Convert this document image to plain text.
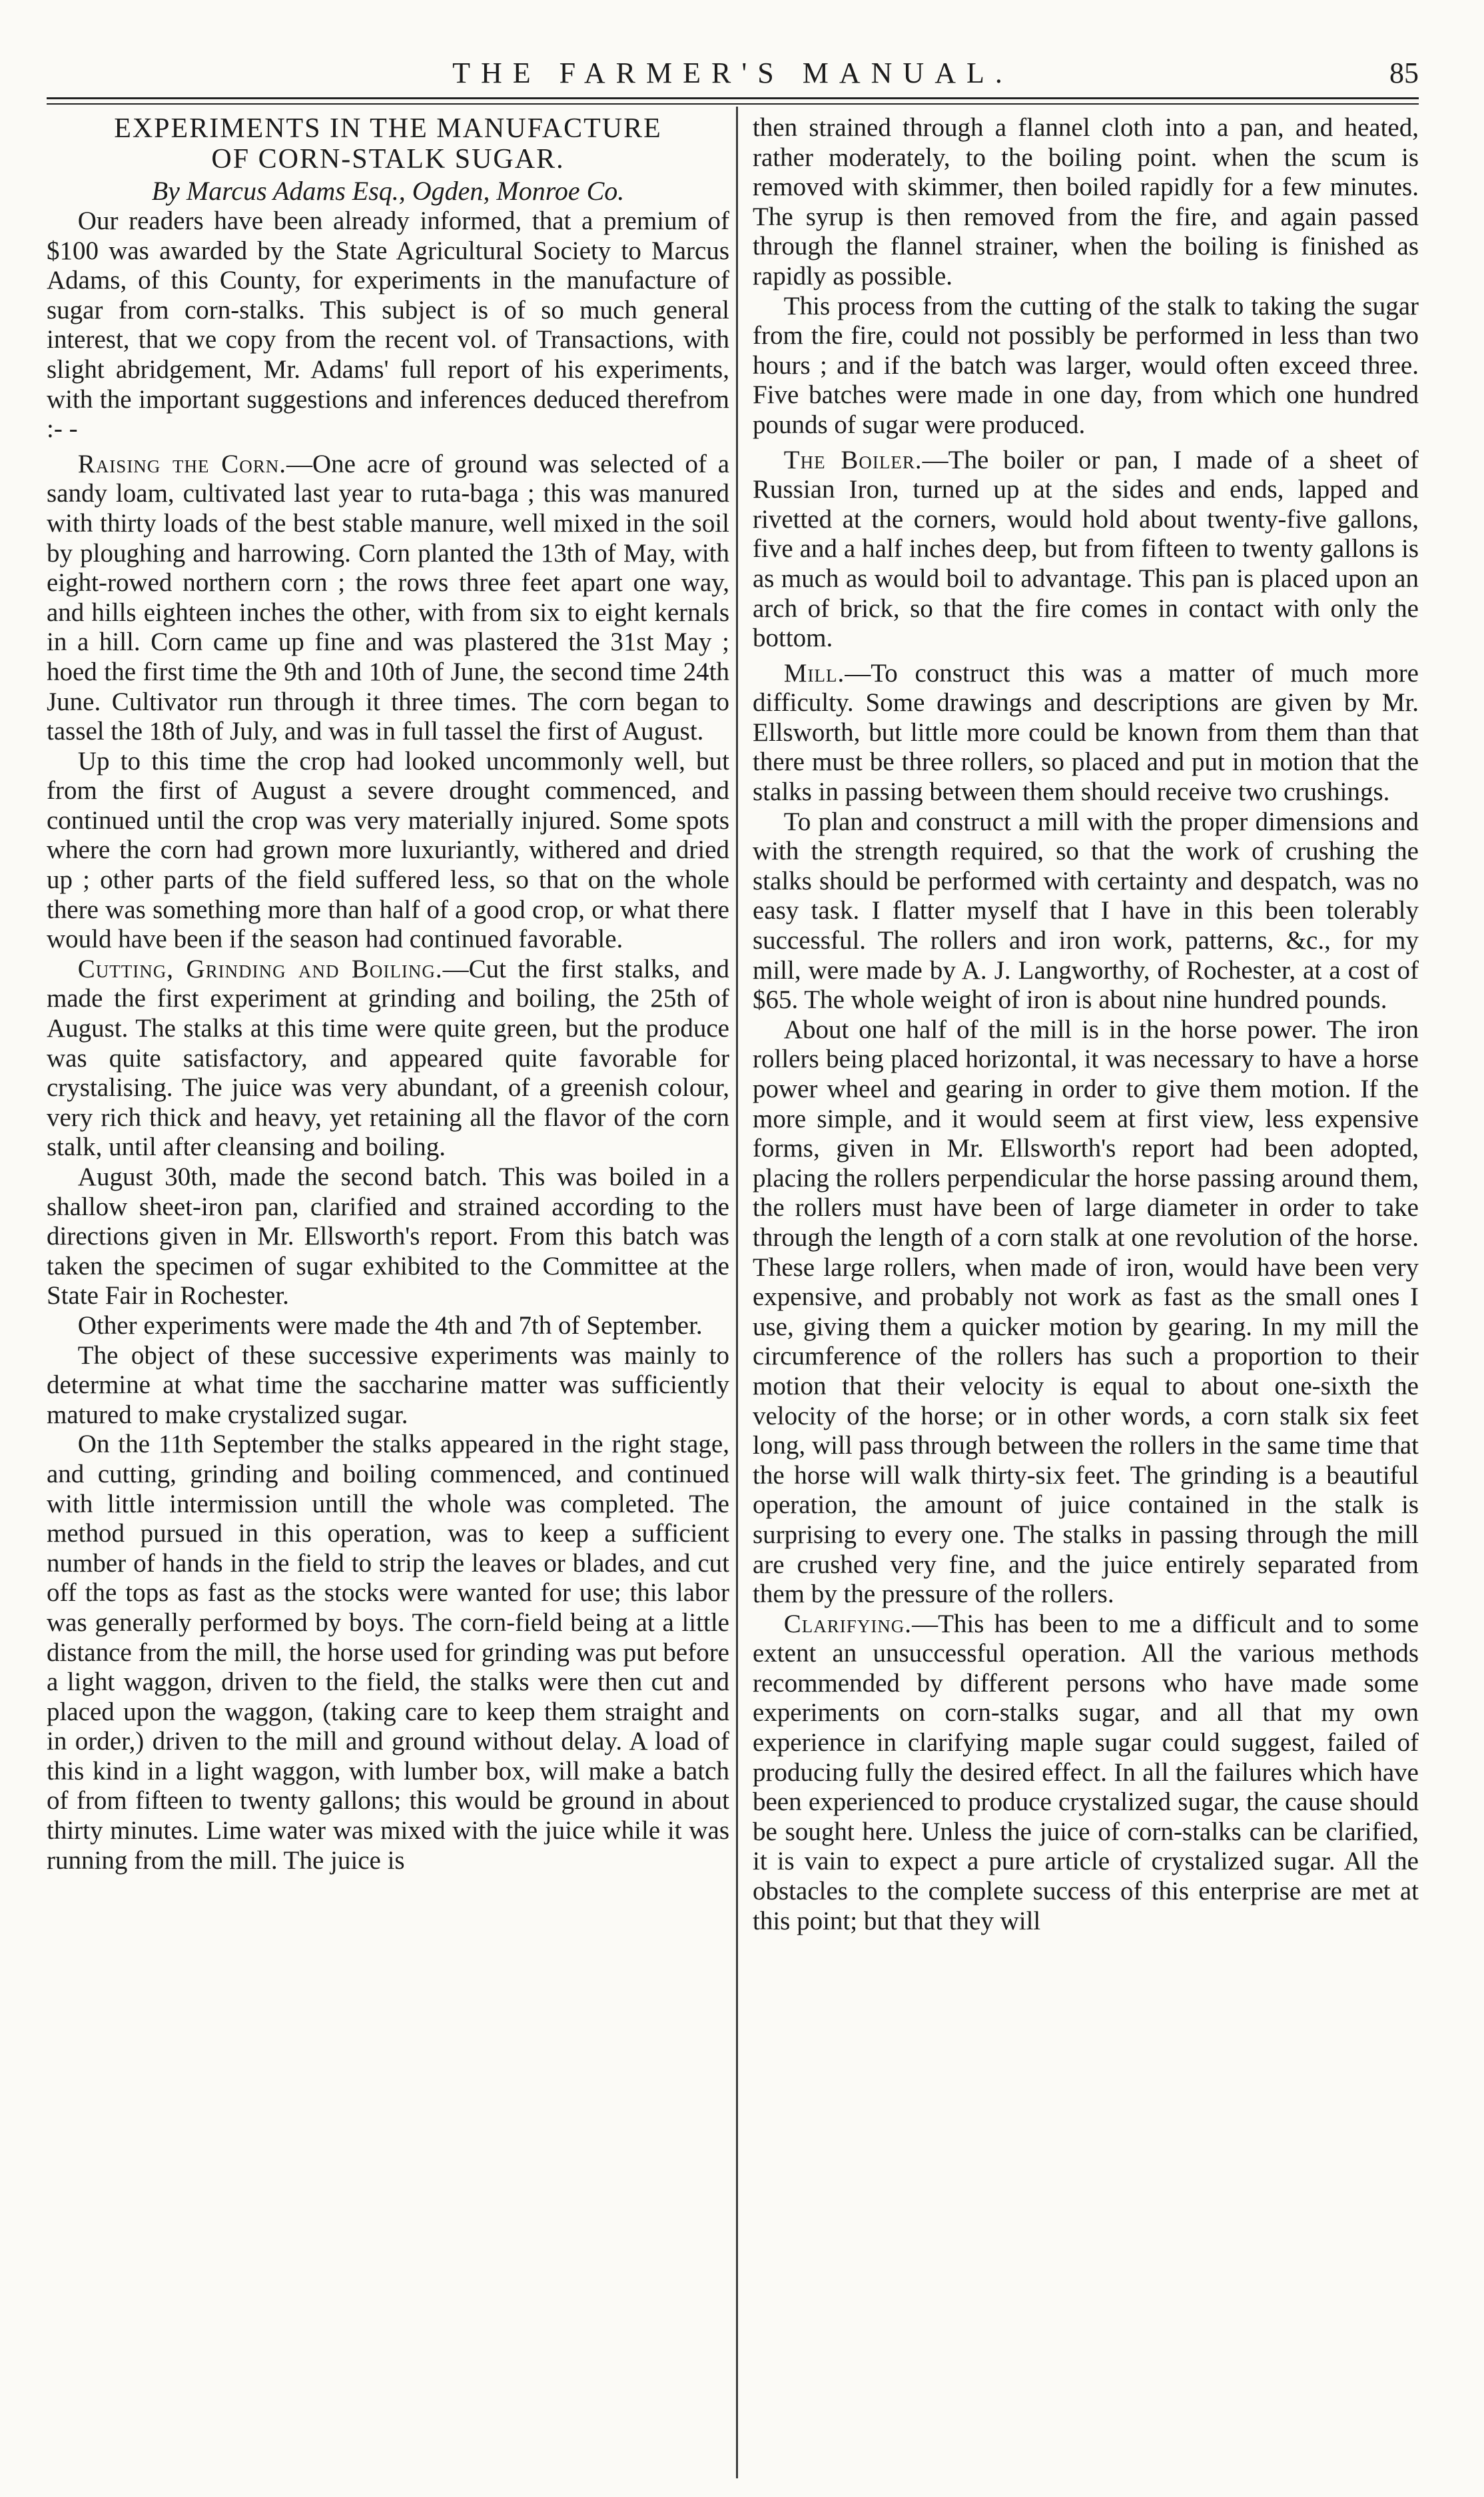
THE FARMER'S MANUAL.	85
EXPERIMENTS IN THE MANUFACTURE
OF CORN-STALK SUGAR.
By Marcus Adams Esq., Ogden, Monroe Co.

Our readers have been already informed, that a premium of $100 was awarded by the State Agricultural Society to Marcus Adams, of this County, for experiments in the manufacture of sugar from corn-stalks. This subject is of so much general interest, that we copy from the recent vol. of Transactions, with slight abridgement, Mr. Adams' full report of his experiments, with the important suggestions and inferences deduced therefrom :- -

Raising the Corn.—One acre of ground was selected of a sandy loam, cultivated last year to ruta-baga ; this was manured with thirty loads of the best stable manure, well mixed in the soil by ploughing and harrowing. Corn planted the 13th of May, with eight-rowed northern corn ; the rows three feet apart one way, and hills eighteen inches the other, with from six to eight kernals in a hill. Corn came up fine and was plastered the 31st May ; hoed the first time the 9th and 10th of June, the second time 24th June. Cultivator run through it three times. The corn began to tassel the 18th of July, and was in full tassel the first of August.

Up to this time the crop had looked uncommonly well, but from the first of August a severe drought commenced, and continued until the crop was very materially injured. Some spots where the corn had grown more luxuriantly, withered and dried up ; other parts of the field suffered less, so that on the whole there was something more than half of a good crop, or what there would have been if the season had continued favorable.

Cutting, Grinding and Boiling.—Cut the first stalks, and made the first experiment at grinding and boiling, the 25th of August. The stalks at this time were quite green, but the produce was quite satisfactory, and appeared quite favorable for crystalising. The juice was very abundant, of a greenish colour, very rich thick and heavy, yet retaining all the flavor of the corn stalk, until after cleansing and boiling.

August 30th, made the second batch. This was boiled in a shallow sheet-iron pan, clarified and strained according to the directions given in Mr. Ellsworth's report. From this batch was taken the specimen of sugar exhibited to the Committee at the State Fair in Rochester.

Other experiments were made the 4th and 7th of September.

The object of these successive experiments was mainly to determine at what time the saccharine matter was sufficiently matured to make crystalized sugar.

On the 11th September the stalks appeared in the right stage, and cutting, grinding and boiling commenced, and continued with little intermission untill the whole was completed. The method pursued in this operation, was to keep a sufficient number of hands in the field to strip the leaves or blades, and cut off the tops as fast as the stocks were wanted for use; this labor was generally performed by boys. The corn-field being at a little distance from the mill, the horse used for grinding was put before a light waggon, driven to the field, the stalks were then cut and placed upon the waggon, (taking care to keep them straight and in order,) driven to the mill and ground without delay. A load of this kind in a light waggon, with lumber box, will make a batch of from fifteen to twenty gallons; this would be ground in about thirty minutes. Lime water was mixed with the juice while it was running from the mill. The juice is

then strained through a flannel cloth into a pan, and heated, rather moderately, to the boiling point. when the scum is removed with skimmer, then boiled rapidly for a few minutes. The syrup is then removed from the fire, and again passed through the flannel strainer, when the boiling is finished as rapidly as possible.

This process from the cutting of the stalk to taking the sugar from the fire, could not possibly be performed in less than two hours ; and if the batch was larger, would often exceed three. Five batches were made in one day, from which one hundred pounds of sugar were produced.

The Boiler.—The boiler or pan, I made of a sheet of Russian Iron, turned up at the sides and ends, lapped and rivetted at the corners, would hold about twenty-five gallons, five and a half inches deep, but from fifteen to twenty gallons is as much as would boil to advantage. This pan is placed upon an arch of brick, so that the fire comes in contact with only the bottom.

Mill.—To construct this was a matter of much more difficulty. Some drawings and descriptions are given by Mr. Ellsworth, but little more could be known from them than that there must be three rollers, so placed and put in motion that the stalks in passing between them should receive two crushings.

To plan and construct a mill with the proper dimensions and with the strength required, so that the work of crushing the stalks should be performed with certainty and despatch, was no easy task. I flatter myself that I have in this been tolerably successful. The rollers and iron work, patterns, &c., for my mill, were made by A. J. Langworthy, of Rochester, at a cost of $65. The whole weight of iron is about nine hundred pounds.

About one half of the mill is in the horse power. The iron rollers being placed horizontal, it was necessary to have a horse power wheel and gearing in order to give them motion. If the more simple, and it would seem at first view, less expensive forms, given in Mr. Ellsworth's report had been adopted, placing the rollers perpendicular the horse passing around them, the rollers must have been of large diameter in order to take through the length of a corn stalk at one revolution of the horse. These large rollers, when made of iron, would have been very expensive, and probably not work as fast as the small ones I use, giving them a quicker motion by gearing. In my mill the circumference of the rollers has such a proportion to their motion that their velocity is equal to about one-sixth the velocity of the horse; or in other words, a corn stalk six feet long, will pass through between the rollers in the same time that the horse will walk thirty-six feet. The grinding is a beautiful operation, the amount of juice contained in the stalk is surprising to every one. The stalks in passing through the mill are crushed very fine, and the juice entirely separated from them by the pressure of the rollers.

Clarifying.—This has been to me a difficult and to some extent an unsuccessful operation. All the various methods recommended by different persons who have made some experiments on corn-stalks sugar, and all that my own experience in clarifying maple sugar could suggest, failed of producing fully the desired effect. In all the failures which have been experienced to produce crystalized sugar, the cause should be sought here. Unless the juice of corn-stalks can be clarified, it is vain to expect a pure article of crystalized sugar. All the obstacles to the complete success of this enterprise are met at this point; but that they will
